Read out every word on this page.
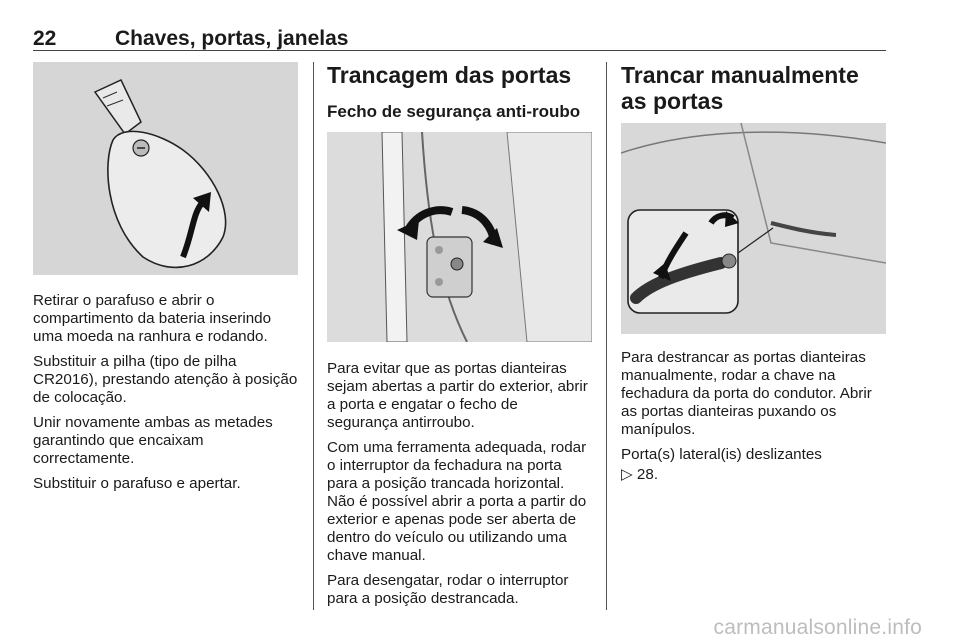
22	Chaves, portas, janelas

Retirar o parafuso e abrir o compartimento da bateria inserindo uma moeda na ranhura e rodando.

Substituir a pilha (tipo de pilha CR2016), prestando atenção à posição de colocação.

Unir novamente ambas as metades garantindo que encaixam correctamente.

Substituir o parafuso e apertar.

Trancagem das portas
Fecho de segurança anti-roubo

Para evitar que as portas dianteiras sejam abertas a partir do exterior, abrir a porta e engatar o fecho de segurança antirroubo.

Com uma ferramenta adequada, rodar o interruptor da fechadura na porta para a posição trancada horizontal. Não é possível abrir a porta a partir do exterior e apenas pode ser aberta de dentro do veículo ou utilizando uma chave manual.

Para desengatar, rodar o interruptor para a posição destrancada.

Trancar manualmente as portas

Para destrancar as portas dianteiras manualmente, rodar a chave na fechadura da porta do condutor. Abrir as portas dianteiras puxando os manípulos.

Porta(s) lateral(is) deslizantes

▷ 28.

carmanualsonline.info
